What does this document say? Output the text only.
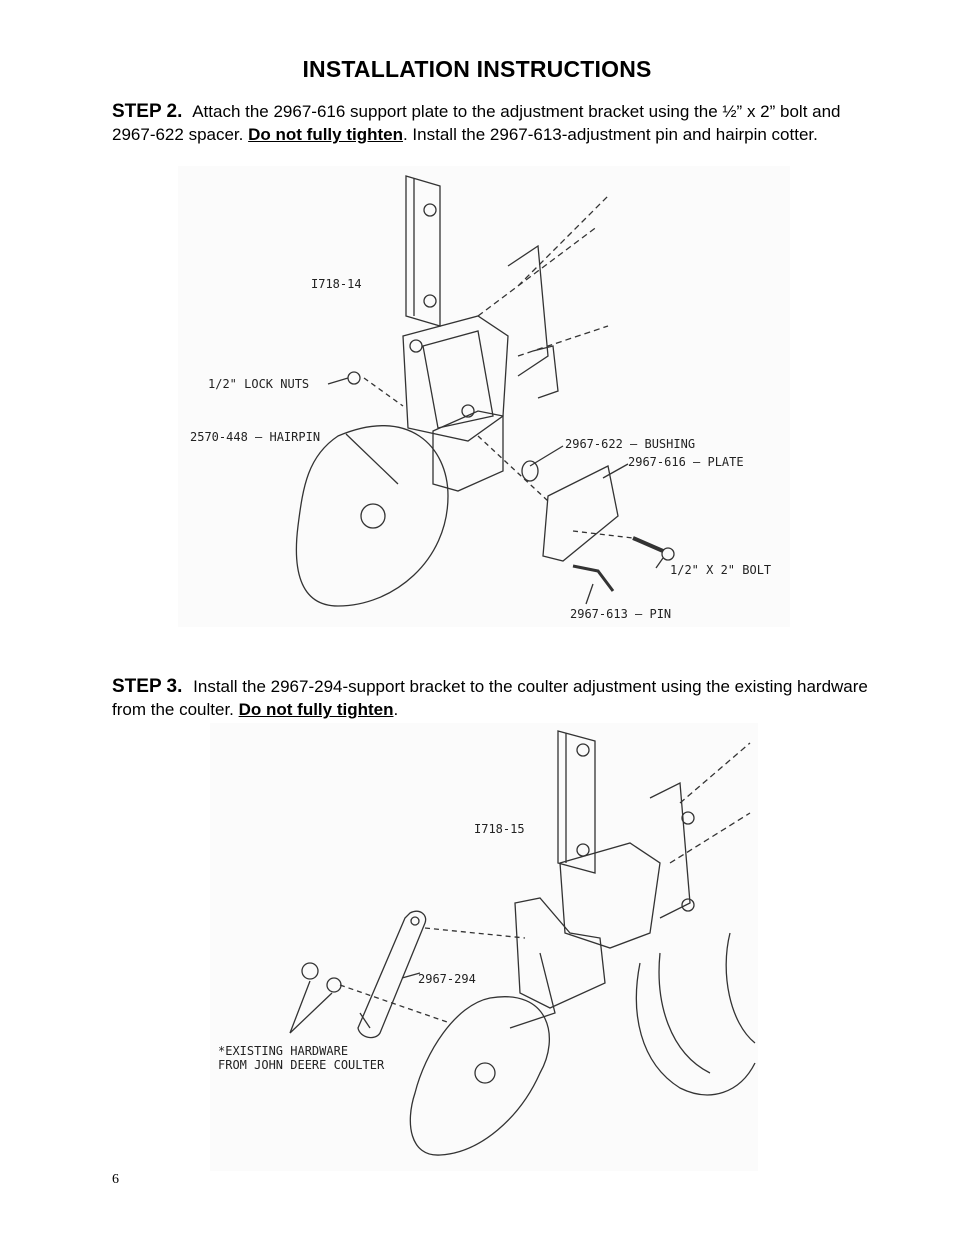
INSTALLATION INSTRUCTIONS
STEP 2. Attach the 2967-616 support plate to the adjustment bracket using the ½” x 2” bolt and 2967-622 spacer. Do not fully tighten. Install the 2967-613-adjustment pin and hairpin cotter.
I718-14
1/2" LOCK NUTS
2570-448 – HAIRPIN	2967-622 – BUSHING
2967-616 – PLATE
1/2" X 2" BOLT
2967-613 – PIN
STEP 3. Install the 2967-294-support bracket to the coulter adjustment using the existing hardware from the coulter. Do not fully tighten.
I718-15
2967-294
*EXISTING HARDWARE
FROM JOHN DEERE COULTER
6
